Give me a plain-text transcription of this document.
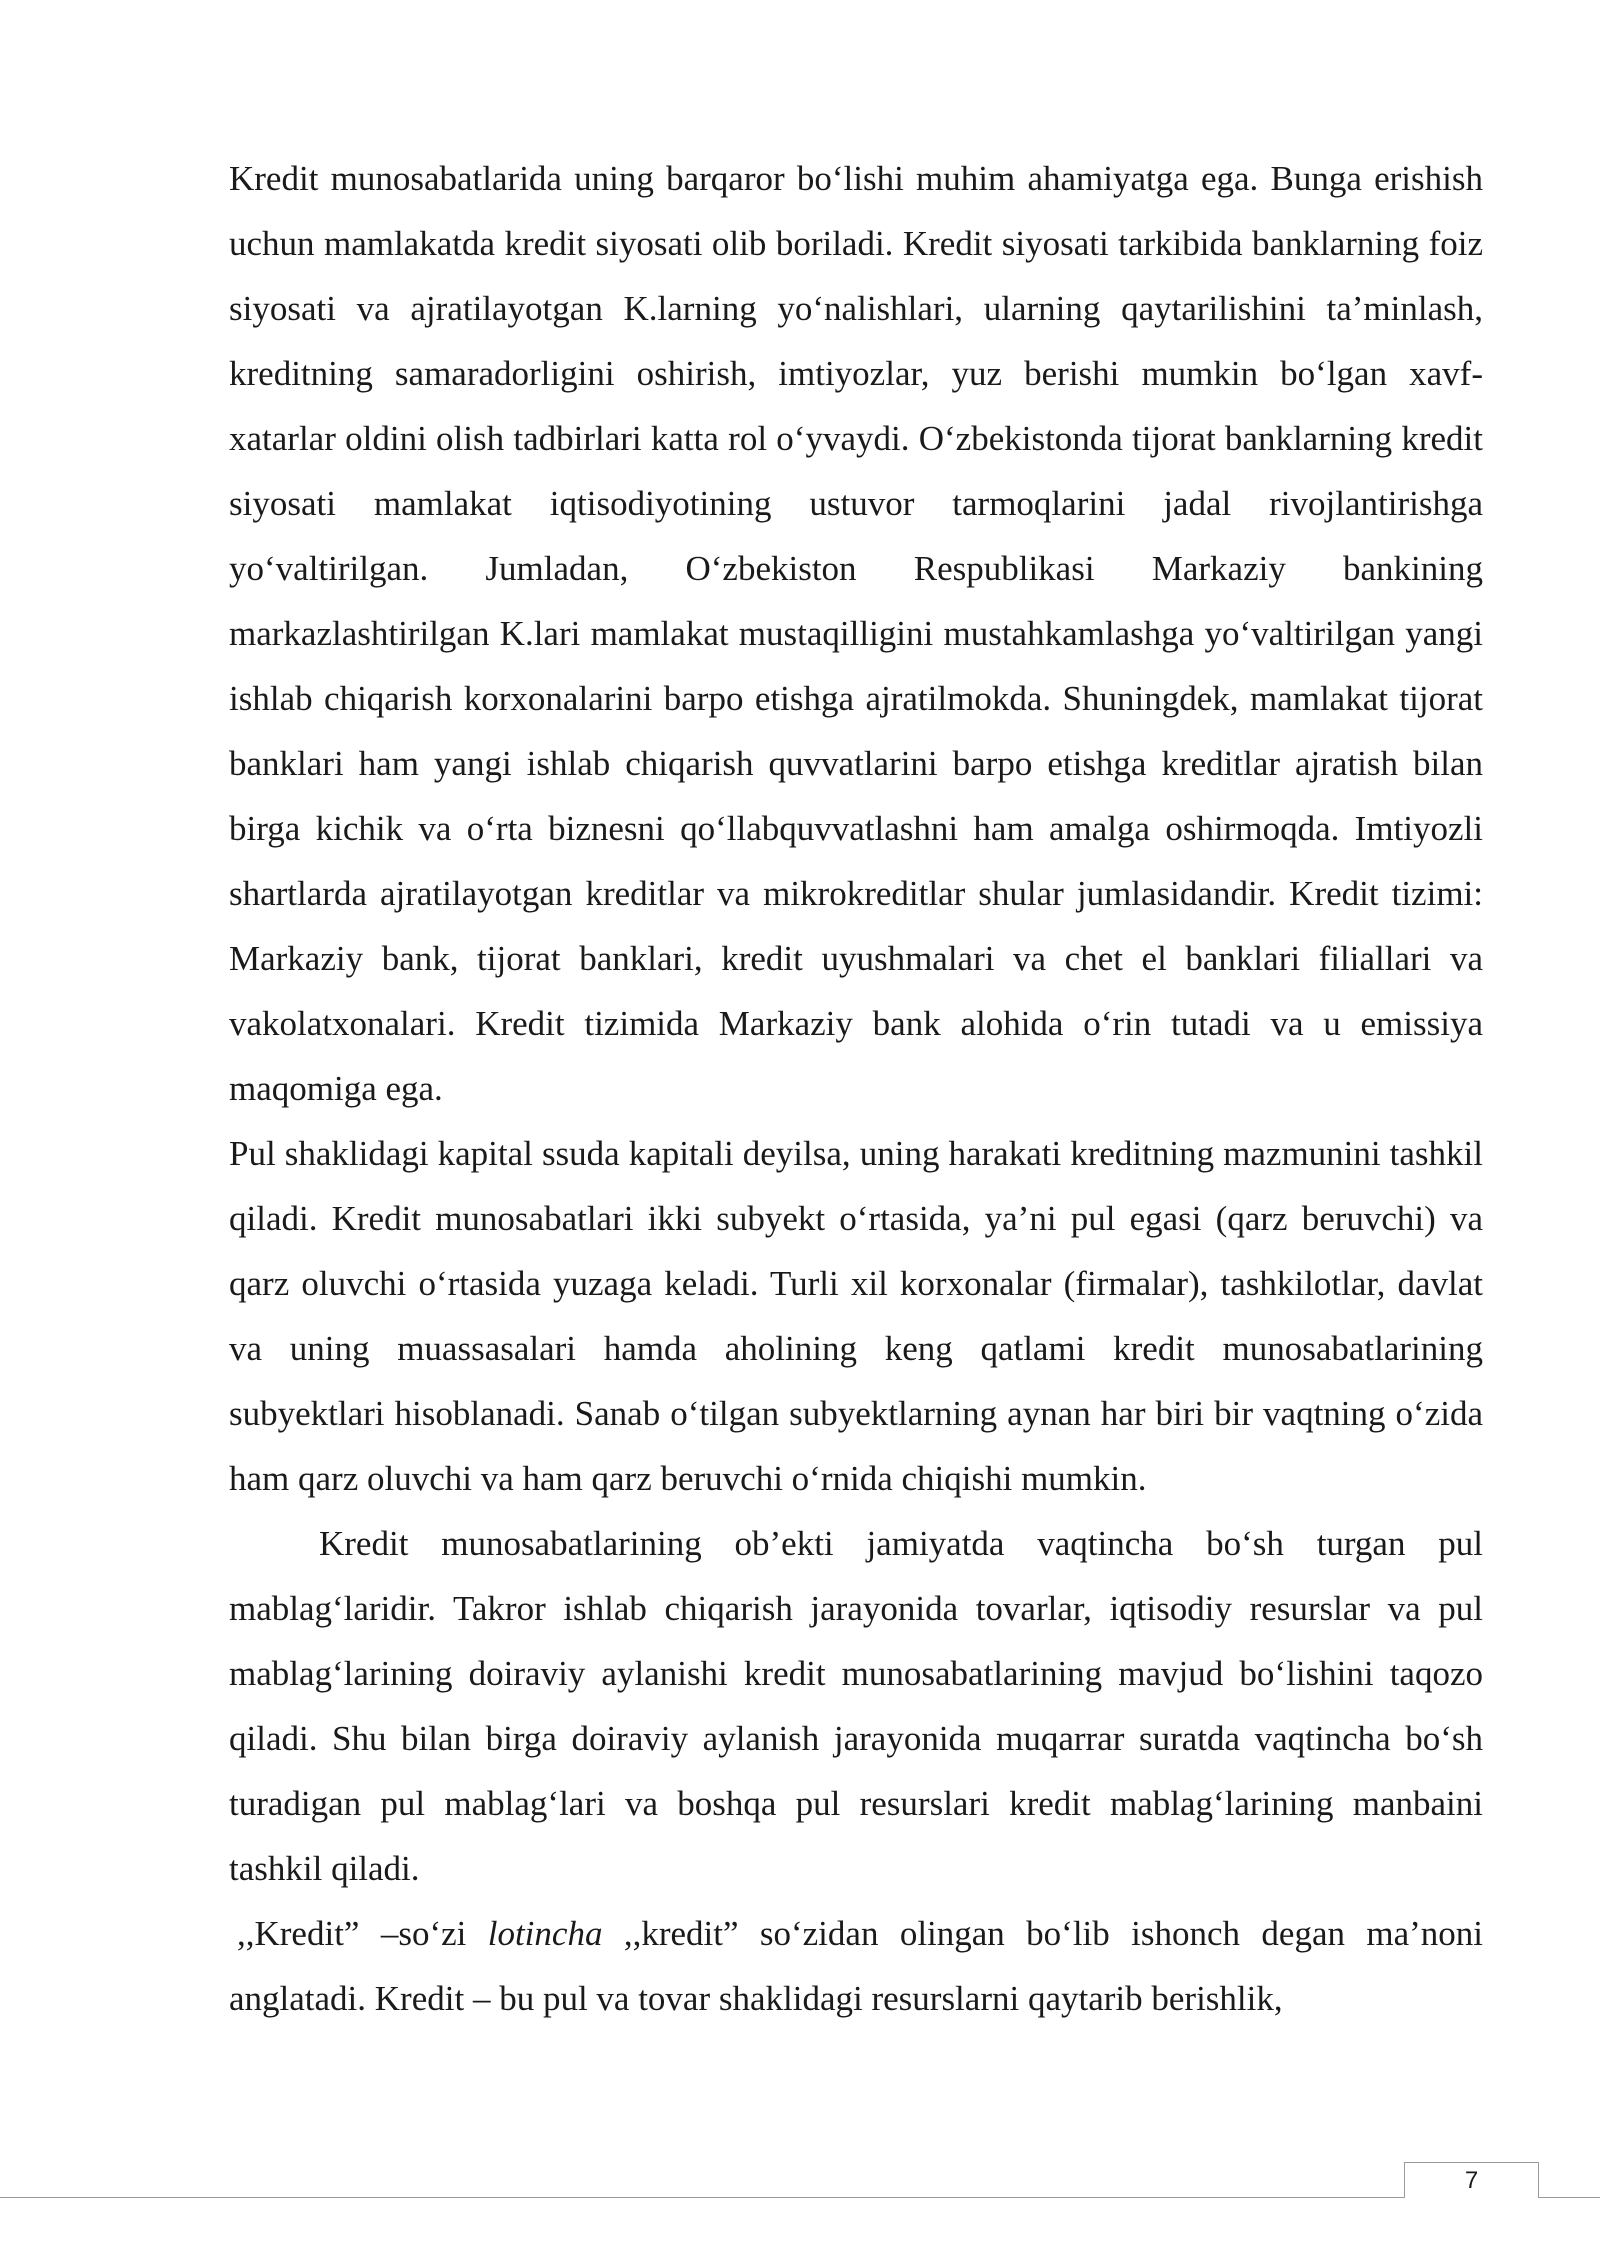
Kredit munosabatlarida uning barqaror bo‘lishi muhim ahamiyatga ega. Bunga erishish uchun mamlakatda kredit siyosati olib boriladi. Kredit siyosati tarkibida banklarning foiz siyosati va ajratilayotgan K.larning yo‘nalishlari, ularning qaytarilishini ta’minlash, kreditning samaradorligini oshirish, imtiyozlar, yuz berishi mumkin bo‘lgan xavf-xatarlar oldini olish tadbirlari katta rol o‘yvaydi. O‘zbekistonda tijorat banklarning kredit siyosati mamlakat iqtisodiyotining ustuvor tarmoqlarini jadal rivojlantirishga yo‘valtirilgan. Jumladan, O‘zbekiston Respublikasi Markaziy bankining markazlashtirilgan K.lari mamlakat mustaqilligini mustahkamlashga yo‘valtirilgan yangi ishlab chiqarish korxonalarini barpo etishga ajratilmokda. Shuningdek, mamlakat tijorat banklari ham yangi ishlab chiqarish quvvatlarini barpo etishga kreditlar ajratish bilan birga kichik va o‘rta biznesni qo‘llabquvvatlashni ham amalga oshirmoqda. Imtiyozli shartlarda ajratilayotgan kreditlar va mikrokreditlar shular jumlasidandir. Kredit tizimi: Markaziy bank, tijorat banklari, kredit uyushmalari va chet el banklari filiallari va vakolatxonalari. Kredit tizimida Markaziy bank alohida o‘rin tutadi va u emissiya maqomiga ega.

Pul shaklidagi kapital ssuda kapitali deyilsa, uning harakati kreditning mazmunini tashkil qiladi. Kredit munosabatlari ikki subyekt o‘rtasida, ya’ni pul egasi (qarz beruvchi) va qarz oluvchi o‘rtasida yuzaga keladi. Turli xil korxonalar (firmalar), tashkilotlar, davlat va uning muassasalari hamda aholining keng qatlami kredit munosabatlarining subyektlari hisoblanadi. Sanab o‘tilgan subyektlarning aynan har biri bir vaqtning o‘zida ham qarz oluvchi va ham qarz beruvchi o‘rnida chiqishi mumkin.

Kredit munosabatlarining ob’ekti jamiyatda vaqtincha bo‘sh turgan pul mablag‘laridir. Takror ishlab chiqarish jarayonida tovarlar, iqtisodiy resurslar va pul mablag‘larining doiraviy aylanishi kredit munosabatlarining mavjud bo‘lishini taqozo qiladi. Shu bilan birga doiraviy aylanish jarayonida muqarrar suratda vaqtincha bo‘sh turadigan pul mablag‘lari va boshqa pul resurslari kredit mablag‘larining manbaini tashkil qiladi.

,,Kredit” –so‘zi lotincha ,,kredit” so‘zidan olingan bo‘lib ishonch degan ma’noni anglatadi. Kredit – bu pul va tovar shaklidagi resurslarni qaytarib berishlik,

7
